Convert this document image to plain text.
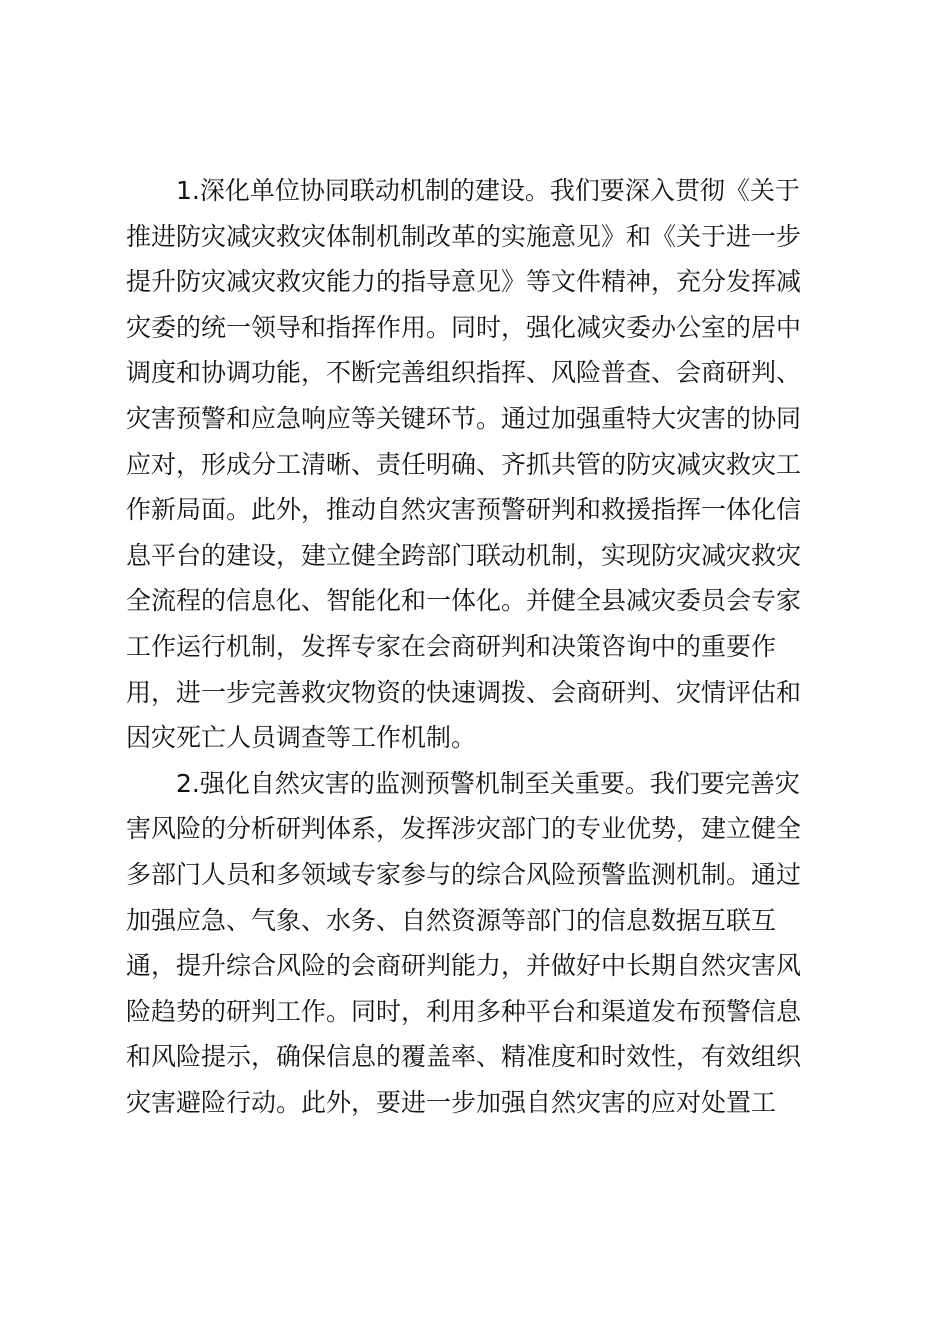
1.深化单位协同联动机制的建设。我们要深入贯彻《关于
推进防灾减灾救灾体制机制改革的实施意见》和《关于进一步
提升防灾减灾救灾能力的指导意见》等文件精神，充分发挥减
灾委的统一领导和指挥作用。同时，强化减灾委办公室的居中
调度和协调功能，不断完善组织指挥、风险普查、会商研判、
灾害预警和应急响应等关键环节。通过加强重特大灾害的协同
应对，形成分工清晰、责任明确、齐抓共管的防灾减灾救灾工
作新局面。此外，推动自然灾害预警研判和救援指挥一体化信
息平台的建设，建立健全跨部门联动机制，实现防灾减灾救灾
全流程的信息化、智能化和一体化。并健全县减灾委员会专家
工作运行机制，发挥专家在会商研判和决策咨询中的重要作
用，进一步完善救灾物资的快速调拨、会商研判、灾情评估和
因灾死亡人员调查等工作机制。
2.强化自然灾害的监测预警机制至关重要。我们要完善灾
害风险的分析研判体系，发挥涉灾部门的专业优势，建立健全
多部门人员和多领域专家参与的综合风险预警监测机制。通过
加强应急、气象、水务、自然资源等部门的信息数据互联互
通，提升综合风险的会商研判能力，并做好中长期自然灾害风
险趋势的研判工作。同时，利用多种平台和渠道发布预警信息
和风险提示，确保信息的覆盖率、精准度和时效性，有效组织
灾害避险行动。此外，要进一步加强自然灾害的应对处置工
